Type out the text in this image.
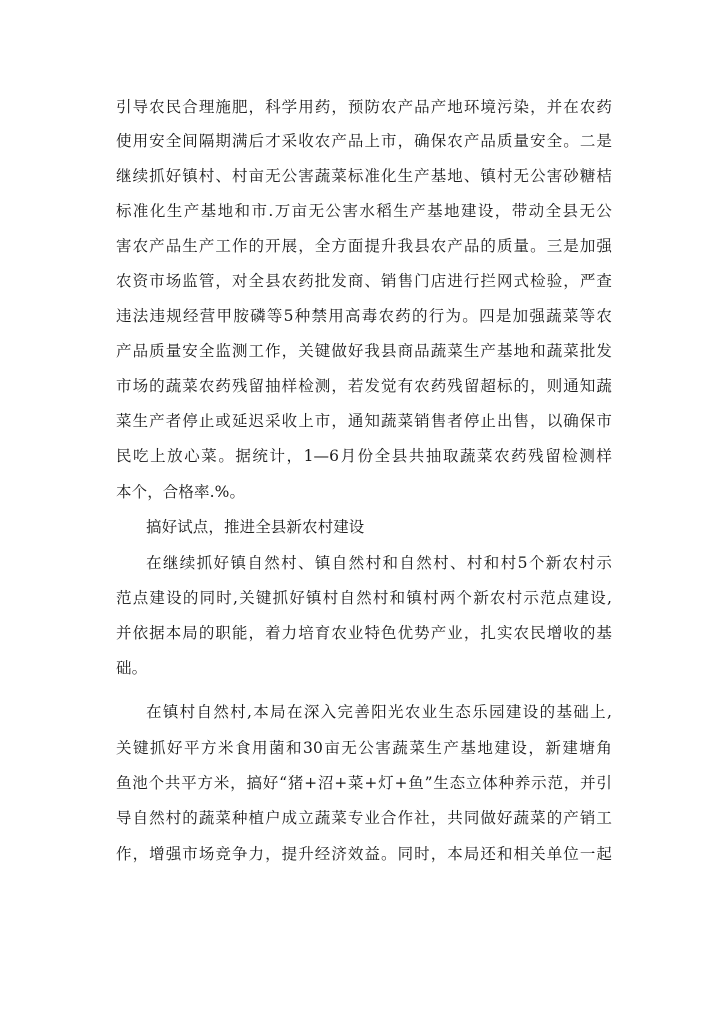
引导农民合理施肥，科学用药，预防农产品产地环境污染，并在农药
使用安全间隔期满后才采收农产品上市，确保农产品质量安全。二是
继续抓好镇村、村亩无公害蔬菜标准化生产基地、镇村无公害砂糖桔
标准化生产基地和市.万亩无公害水稻生产基地建设，带动全县无公
害农产品生产工作的开展，全方面提升我县农产品的质量。三是加强
农资市场监管，对全县农药批发商、销售门店进行拦网式检验，严查
违法违规经营甲胺磷等5种禁用高毒农药的行为。四是加强蔬菜等农
产品质量安全监测工作，关键做好我县商品蔬菜生产基地和蔬菜批发
市场的蔬菜农药残留抽样检测，若发觉有农药残留超标的，则通知蔬
菜生产者停止或延迟采收上市，通知蔬菜销售者停止出售，以确保市
民吃上放心菜。据统计，1—6月份全县共抽取蔬菜农药残留检测样
本个，合格率.%。
搞好试点，推进全县新农村建设
在继续抓好镇自然村、镇自然村和自然村、村和村5个新农村示
范点建设的同时,关键抓好镇村自然村和镇村两个新农村示范点建设,
并依据本局的职能，着力培育农业特色优势产业，扎实农民增收的基
础。
在镇村自然村,本局在深入完善阳光农业生态乐园建设的基础上,
关键抓好平方米食用菌和30亩无公害蔬菜生产基地建设，新建塘角
鱼池个共平方米，搞好“猪+沼+菜+灯+鱼”生态立体种养示范，并引
导自然村的蔬菜种植户成立蔬菜专业合作社，共同做好蔬菜的产销工
作，增强市场竞争力，提升经济效益。同时，本局还和相关单位一起
